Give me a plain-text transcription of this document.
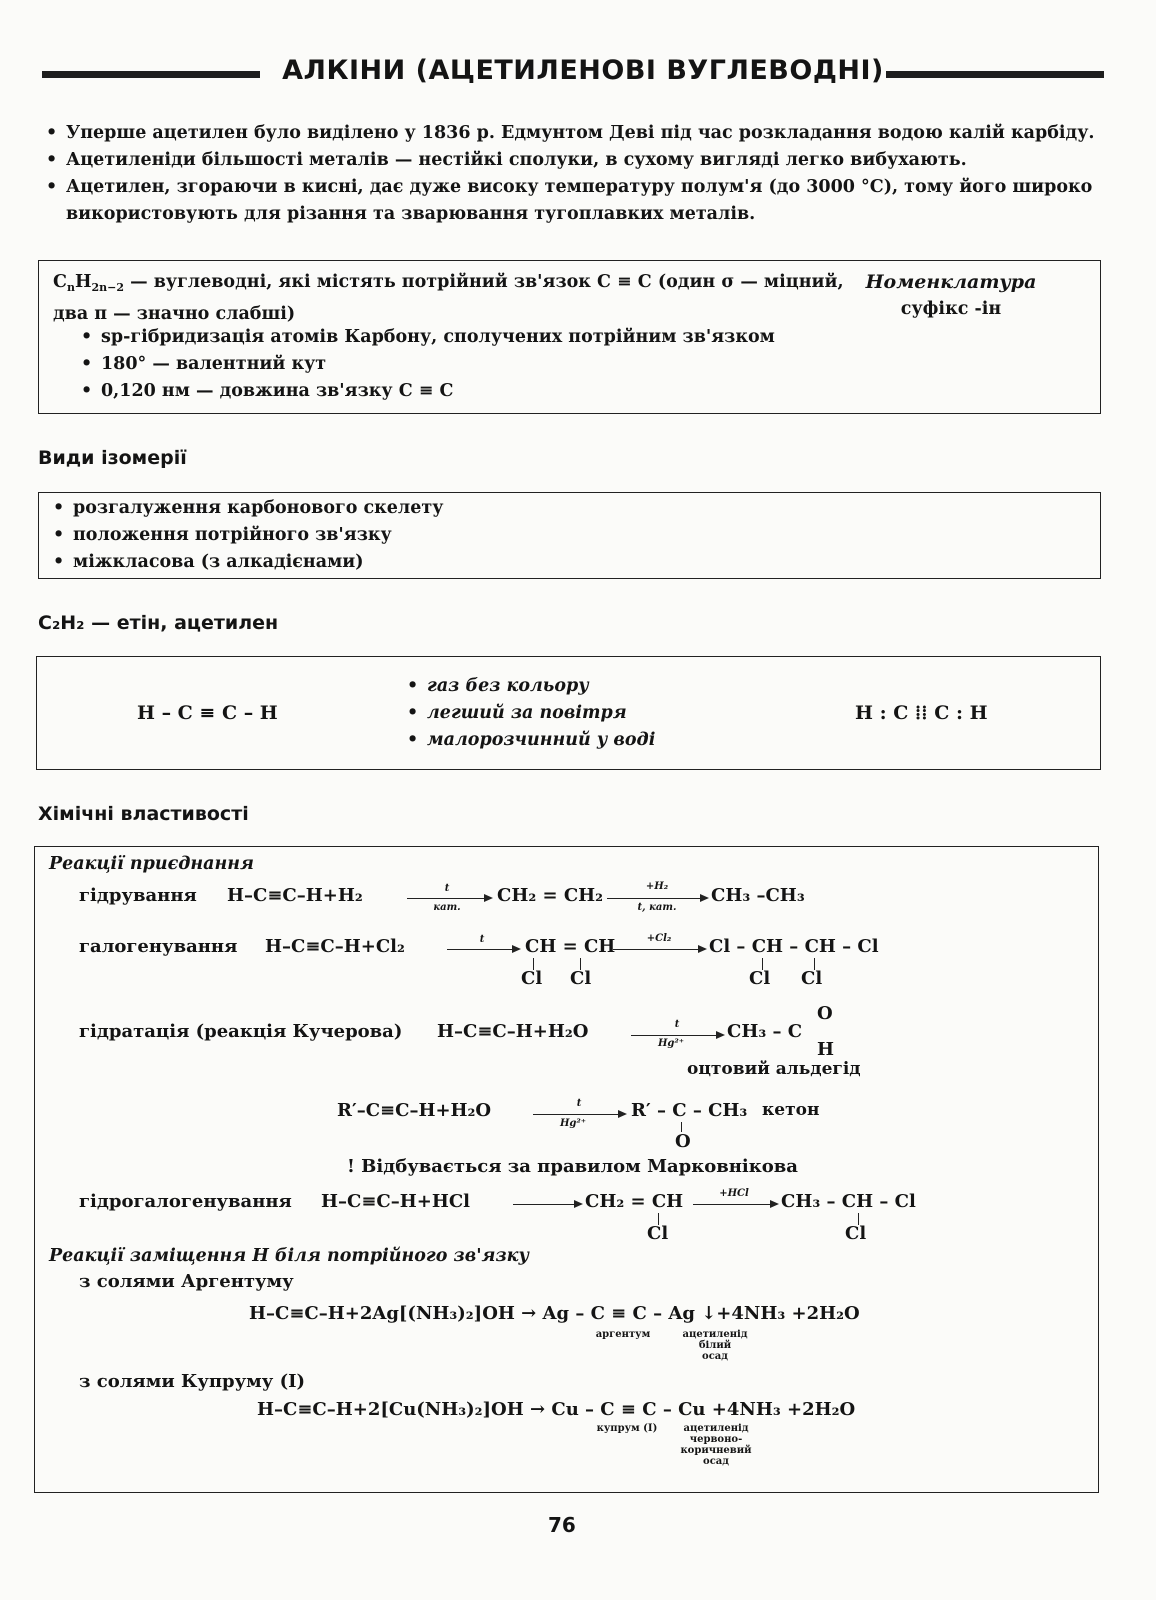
АЛКІНИ (АЦЕТИЛЕНОВІ ВУГЛЕВОДНІ)
• Уперше ацетилен було виділено у 1836 р. Едмунтом Деві під час розкладання водою калій карбіду.
• Ацетиленіди більшості металів — нестійкі сполуки, в сухому вигляді легко вибухають.
• Ацетилен, згораючи в кисні, дає дуже високу температуру полум'я (до 3000 °С), тому його широко використовують для різання та зварювання тугоплавких металів.
$C_nH_{2n-2}$ — вуглеводні, які містять потрійний зв'язок С ≡ С (один σ — міцний, два π — значно слабші)
• sp-гібридизація атомів Карбону, сполучених потрійним зв'язком
• 180° — валентний кут
• 0,120 нм — довжина зв'язку С ≡ С
Номенклатура
суфікс -ін
Види ізомерії
• розгалуження карбонового скелету
• положення потрійного зв'язку
• міжкласова (з алкадієнами)
C₂H₂ — етін, ацетилен
H – C ≡ C – H
• газ без кольору
• легший за повітря
• малорозчинний у воді
H : C ⁞⁞ C : H
Хімічні властивості
Реакції приєднання
гідрування H–C≡C–H+H₂	t
кат.
CH₂ = CH₂	+H₂
t, кат.
CH₃ –CH₃
галогенування H–C≡C–H+Cl₂	t	CH = CH
Cl Cl
+Cl₂	Cl – CH – CH – Cl
Cl Cl
гідратація (реакція Кучерова) H–C≡C–H+H₂O	t
Hg²⁺
CH₃ – C
O
H
оцтовий альдегід
R′–C≡C–H+H₂O	t
Hg²⁺
R′ – C – CH₃
O
кетон
! Відбувається за правилом Марковнікова
гідрогалогенування H–C≡C–H+HCl	CH₂ = CH
Cl
+HCl	CH₃ – CH – Cl
Cl
Реакції заміщення H біля потрійного зв'язку
з солями Аргентуму
H–C≡C–H+2Ag[(NH₃)₂]OH → Ag – C ≡ C – Ag ↓+4NH₃ +2H₂O
аргентум	ацетиленід
білий
осад
з солями Купруму (I)
H–C≡C–H+2[Cu(NH₃)₂]OH → Cu – C ≡ C – Cu +4NH₃ +2H₂O
купрум (I)	ацетиленід
червоно-
коричневий
осад
76
